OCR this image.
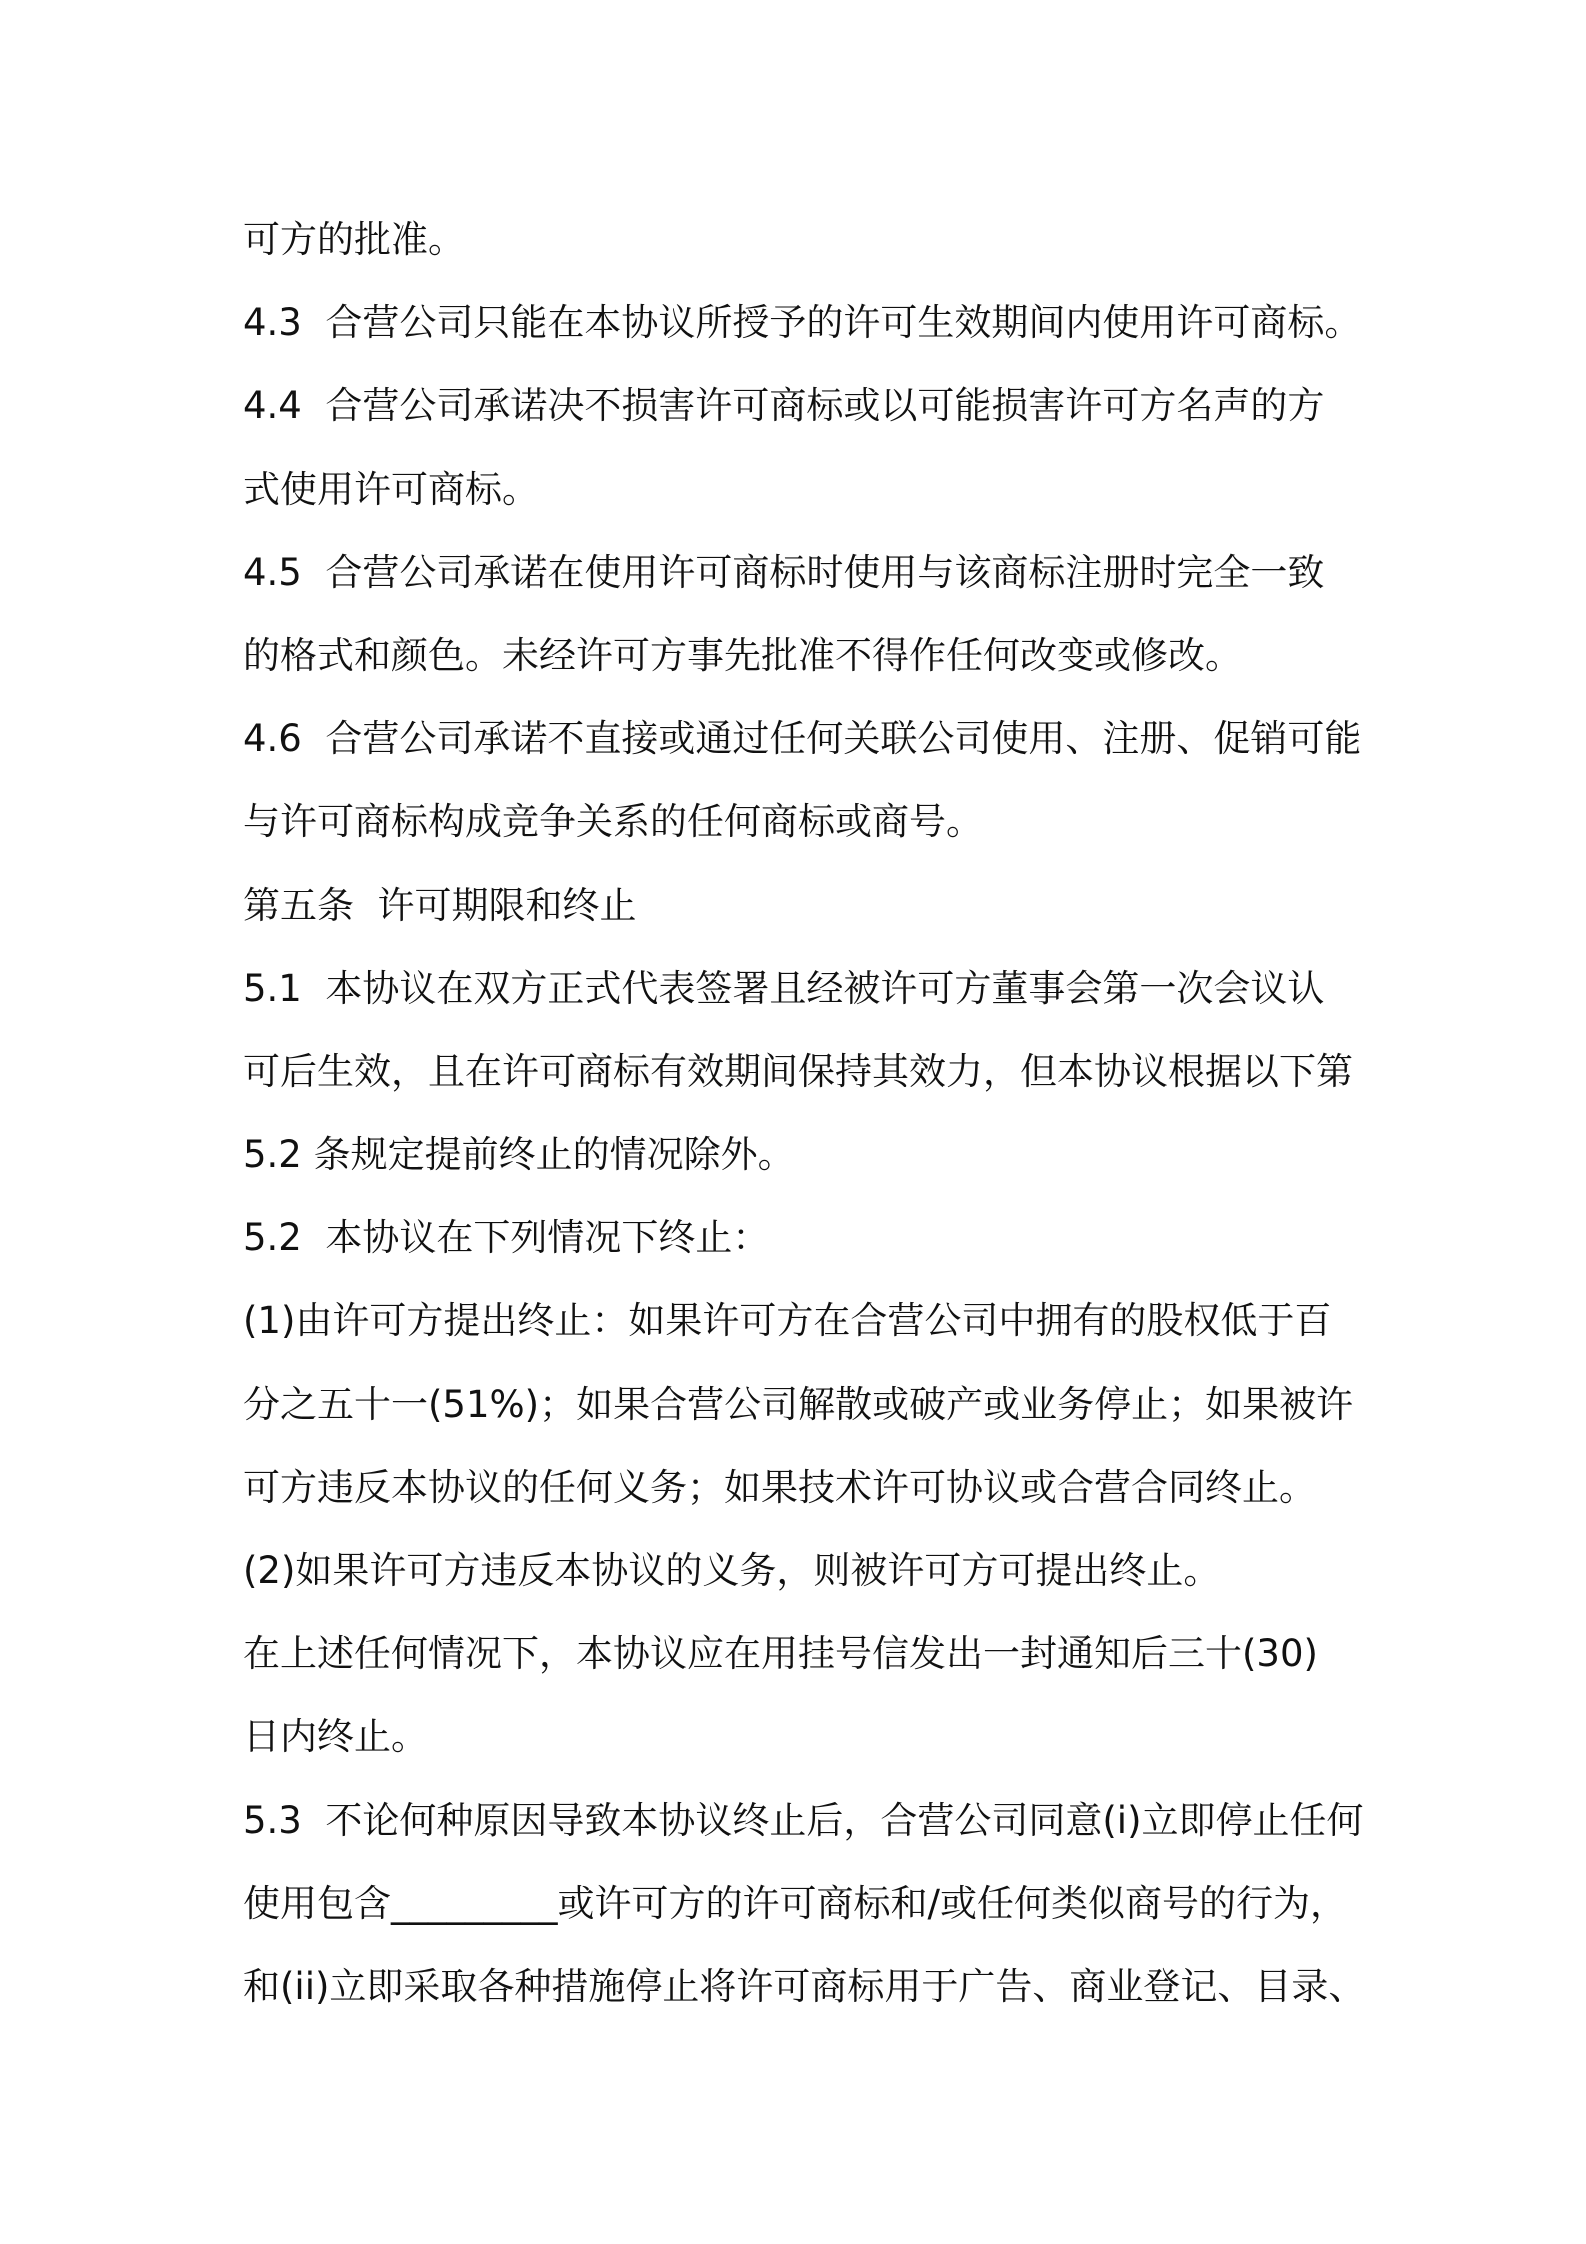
可方的批准。
4.3  合营公司只能在本协议所授予的许可生效期间内使用许可商标。
4.4  合营公司承诺决不损害许可商标或以可能损害许可方名声的方
式使用许可商标。
4.5  合营公司承诺在使用许可商标时使用与该商标注册时完全一致
的格式和颜色。未经许可方事先批准不得作任何改变或修改。
4.6  合营公司承诺不直接或通过任何关联公司使用、注册、促销可能
与许可商标构成竞争关系的任何商标或商号。
第五条  许可期限和终止
5.1  本协议在双方正式代表签署且经被许可方董事会第一次会议认
可后生效，且在许可商标有效期间保持其效力，但本协议根据以下第
5.2 条规定提前终止的情况除外。
5.2  本协议在下列情况下终止：
(1)由许可方提出终止：如果许可方在合营公司中拥有的股权低于百
分之五十一(51%)；如果合营公司解散或破产或业务停止；如果被许
可方违反本协议的任何义务；如果技术许可协议或合营合同终止。
(2)如果许可方违反本协议的义务，则被许可方可提出终止。
在上述任何情况下，本协议应在用挂号信发出一封通知后三十(30)
日内终止。
5.3  不论何种原因导致本协议终止后，合营公司同意(i)立即停止任何
使用包含_________或许可方的许可商标和/或任何类似商号的行为，
和(ii)立即采取各种措施停止将许可商标用于广告、商业登记、目录、
